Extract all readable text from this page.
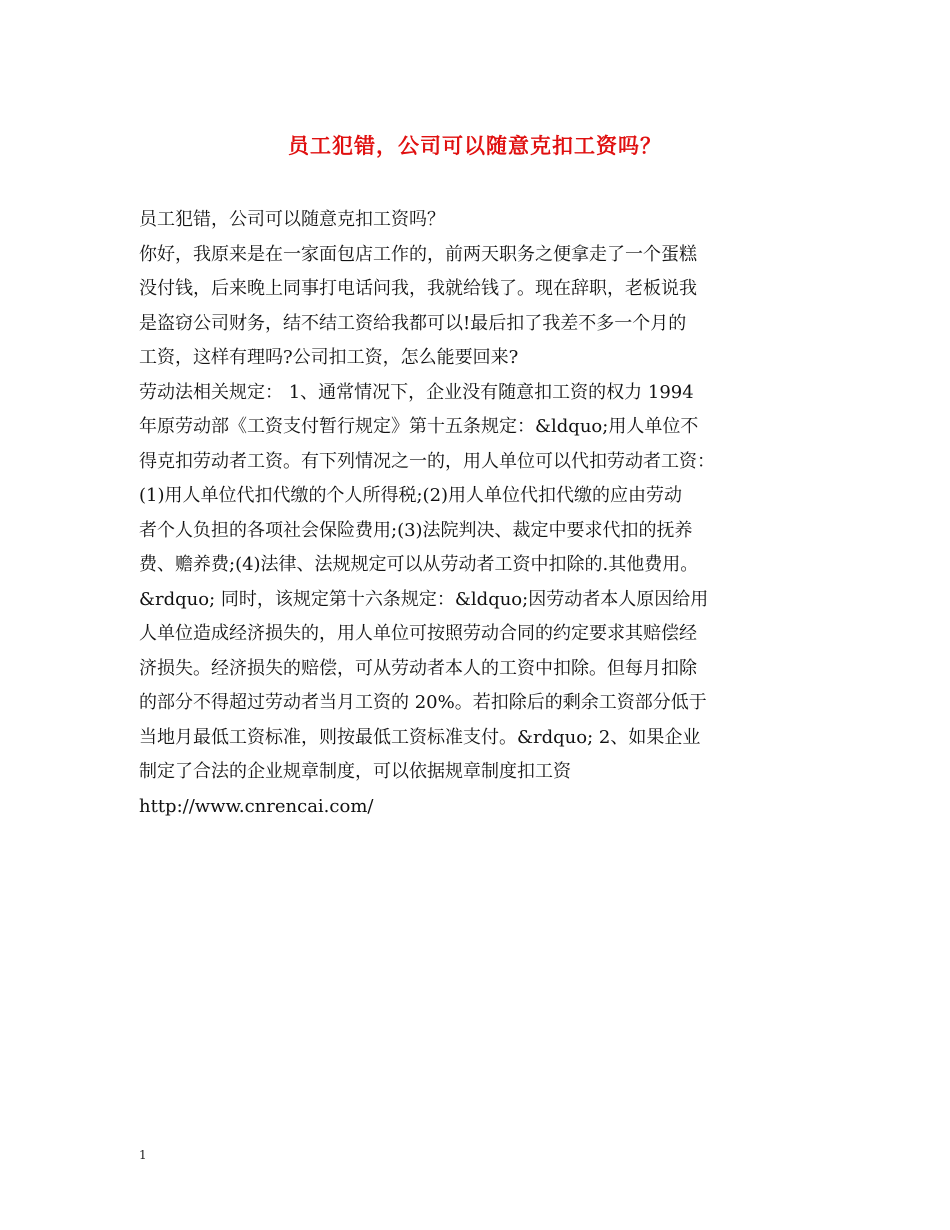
员工犯错，公司可以随意克扣工资吗？
员工犯错，公司可以随意克扣工资吗？
你好，我原来是在一家面包店工作的，前两天职务之便拿走了一个蛋糕
没付钱，后来晚上同事打电话问我，我就给钱了。现在辞职，老板说我
是盗窃公司财务，结不结工资给我都可以!最后扣了我差不多一个月的
工资，这样有理吗?公司扣工资，怎么能要回来?
劳动法相关规定： 1、通常情况下，企业没有随意扣工资的权力 1994
年原劳动部《工资支付暂行规定》第十五条规定：&ldquo;用人单位不
得克扣劳动者工资。有下列情况之一的，用人单位可以代扣劳动者工资：
(1)用人单位代扣代缴的个人所得税;(2)用人单位代扣代缴的应由劳动
者个人负担的各项社会保险费用;(3)法院判决、裁定中要求代扣的抚养
费、赡养费;(4)法律、法规规定可以从劳动者工资中扣除的.其他费用。
&rdquo; 同时，该规定第十六条规定：&ldquo;因劳动者本人原因给用
人单位造成经济损失的，用人单位可按照劳动合同的约定要求其赔偿经
济损失。经济损失的赔偿，可从劳动者本人的工资中扣除。但每月扣除
的部分不得超过劳动者当月工资的 20%。若扣除后的剩余工资部分低于
当地月最低工资标准，则按最低工资标准支付。&rdquo; 2、如果企业
制定了合法的企业规章制度，可以依据规章制度扣工资
http://www.cnrencai.com/
1
